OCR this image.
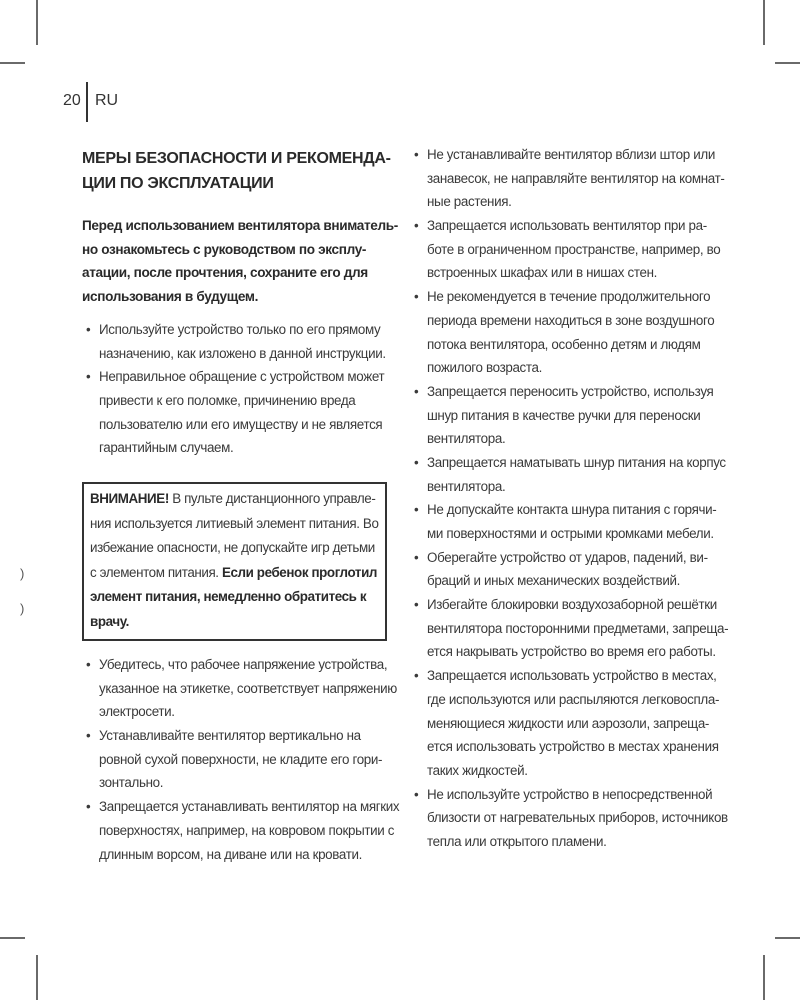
)
)
20 RU
МЕРЫ БЕЗОПАСНОСТИ И РЕКОМЕНДА-
ЦИИ ПО ЭКСПЛУАТАЦИИ
Перед использованием вентилятора вниматель-
но ознакомьтесь с руководством по эксплу-
атации, после прочтения, сохраните его для
использования в будущем.
• Используйте устройство только по его прямому
назначению, как изложено в данной инструкции.
• Неправильное обращение с устройством может
привести к его поломке, причинению вреда
пользователю или его имуществу и не является
гарантийным случаем.
ВНИМАНИЕ! В пульте дистанционного управле-
ния используется литиевый элемент питания. Во
избежание опасности, не допускайте игр детьми
с элементом питания. Если ребенок проглотил
элемент питания, немедленно обратитесь к
врачу.
• Убедитесь, что рабочее напряжение устройства,
указанное на этикетке, соответствует напряжению
электросети.
• Устанавливайте вентилятор вертикально на
ровной сухой поверхности, не кладите его гори-
зонтально.
• Запрещается устанавливать вентилятор на мягких
поверхностях, например, на ковровом покрытии с
длинным ворсом, на диване или на кровати.
• Не устанавливайте вентилятор вблизи штор или
занавесок, не направляйте вентилятор на комнат-
ные растения.
• Запрещается использовать вентилятор при ра-
боте в ограниченном пространстве, например, во
встроенных шкафах или в нишах стен.
• Не рекомендуется в течение продолжительного
периода времени находиться в зоне воздушного
потока вентилятора, особенно детям и людям
пожилого возраста.
• Запрещается переносить устройство, используя
шнур питания в качестве ручки для переноски
вентилятора.
• Запрещается наматывать шнур питания на корпус
вентилятора.
• Не допускайте контакта шнура питания с горячи-
ми поверхностями и острыми кромками мебели.
• Оберегайте устройство от ударов, падений, ви-
браций и иных механических воздействий.
• Избегайте блокировки воздухозаборной решётки
вентилятора посторонними предметами, запреща-
ется накрывать устройство во время его работы.
• Запрещается использовать устройство в местах,
где используются или распыляются легковоспла-
меняющиеся жидкости или аэрозоли, запреща-
ется использовать устройство в местах хранения
таких жидкостей.
• Не используйте устройство в непосредственной
близости от нагревательных приборов, источников
тепла или открытого пламени.
